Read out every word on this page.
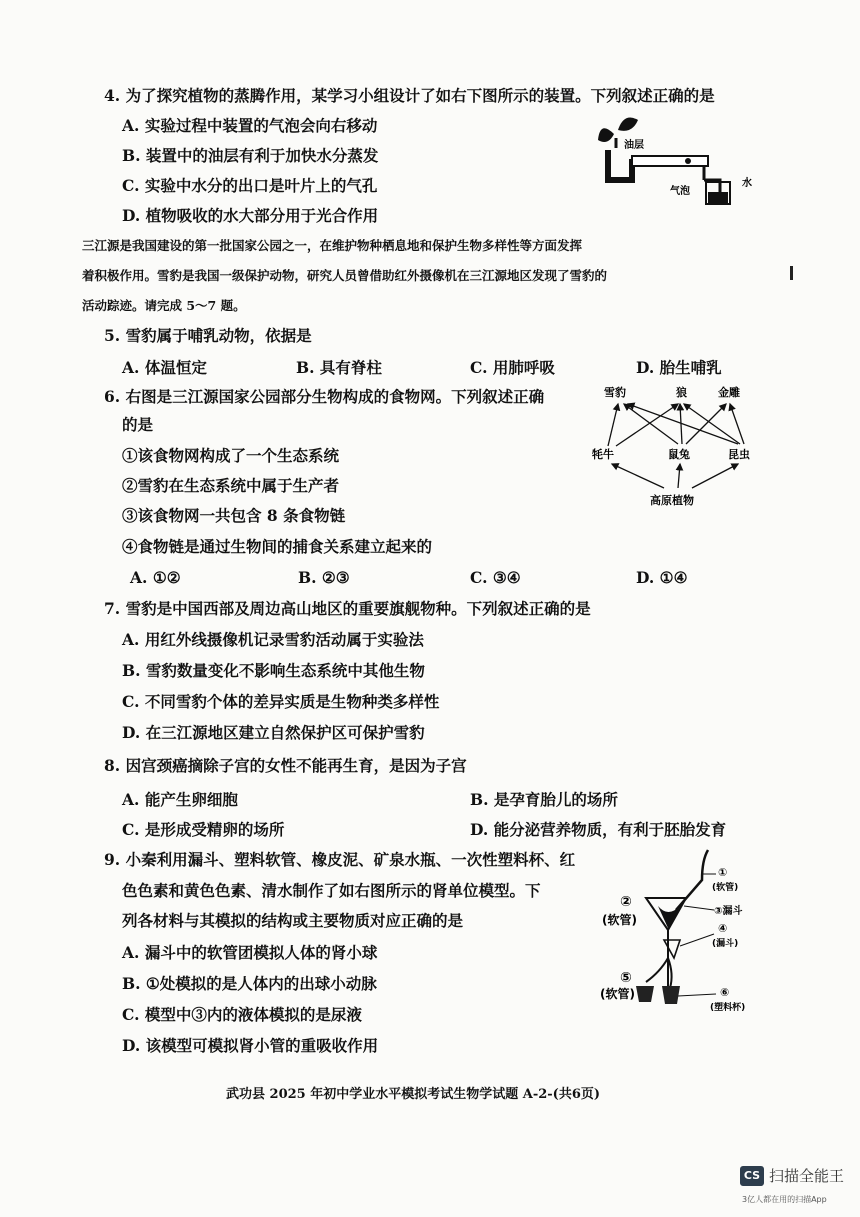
4. 为了探究植物的蒸腾作用，某学习小组设计了如右下图所示的装置。下列叙述正确的是
A. 实验过程中装置的气泡会向右移动
B. 装置中的油层有利于加快水分蒸发
C. 实验中水分的出口是叶片上的气孔
D. 植物吸收的水大部分用于光合作用
油层
气泡
水
三江源是我国建设的第一批国家公园之一，在维护物种栖息地和保护生物多样性等方面发挥
着积极作用。雪豹是我国一级保护动物，研究人员曾借助红外摄像机在三江源地区发现了雪豹的
活动踪迹。请完成 5～7 题。
5. 雪豹属于哺乳动物，依据是
A. 体温恒定	B. 具有脊柱	C. 用肺呼吸	D. 胎生哺乳
6. 右图是三江源国家公园部分生物构成的食物网。下列叙述正确
的是
①该食物网构成了一个生态系统
②雪豹在生态系统中属于生产者
③该食物网一共包含 8 条食物链
④食物链是通过生物间的捕食关系建立起来的
A. ①②	B. ②③	C. ③④	D. ①④
雪豹	狼	金雕
牦牛	鼠兔	昆虫
高原植物
7. 雪豹是中国西部及周边高山地区的重要旗舰物种。下列叙述正确的是
A. 用红外线摄像机记录雪豹活动属于实验法
B. 雪豹数量变化不影响生态系统中其他生物
C. 不同雪豹个体的差异实质是生物种类多样性
D. 在三江源地区建立自然保护区可保护雪豹
8. 因宫颈癌摘除子宫的女性不能再生育，是因为子宫
A. 能产生卵细胞	B. 是孕育胎儿的场所
C. 是形成受精卵的场所	D. 能分泌营养物质，有利于胚胎发育
9. 小秦利用漏斗、塑料软管、橡皮泥、矿泉水瓶、一次性塑料杯、红
色色素和黄色色素、清水制作了如右图所示的肾单位模型。下
列各材料与其模拟的结构或主要物质对应正确的是
A. 漏斗中的软管团模拟人体的肾小球
B. ①处模拟的是人体内的出球小动脉
C. 模型中③内的液体模拟的是尿液
D. 该模型可模拟肾小管的重吸收作用
①
(软管)
②
(软管)
③漏斗
④
(漏斗)
⑤
(软管)	⑥
(塑料杯)
武功县 2025 年初中学业水平模拟考试生物学试题 A-2-(共6页)
CS 扫描全能王
3亿人都在用的扫描App
